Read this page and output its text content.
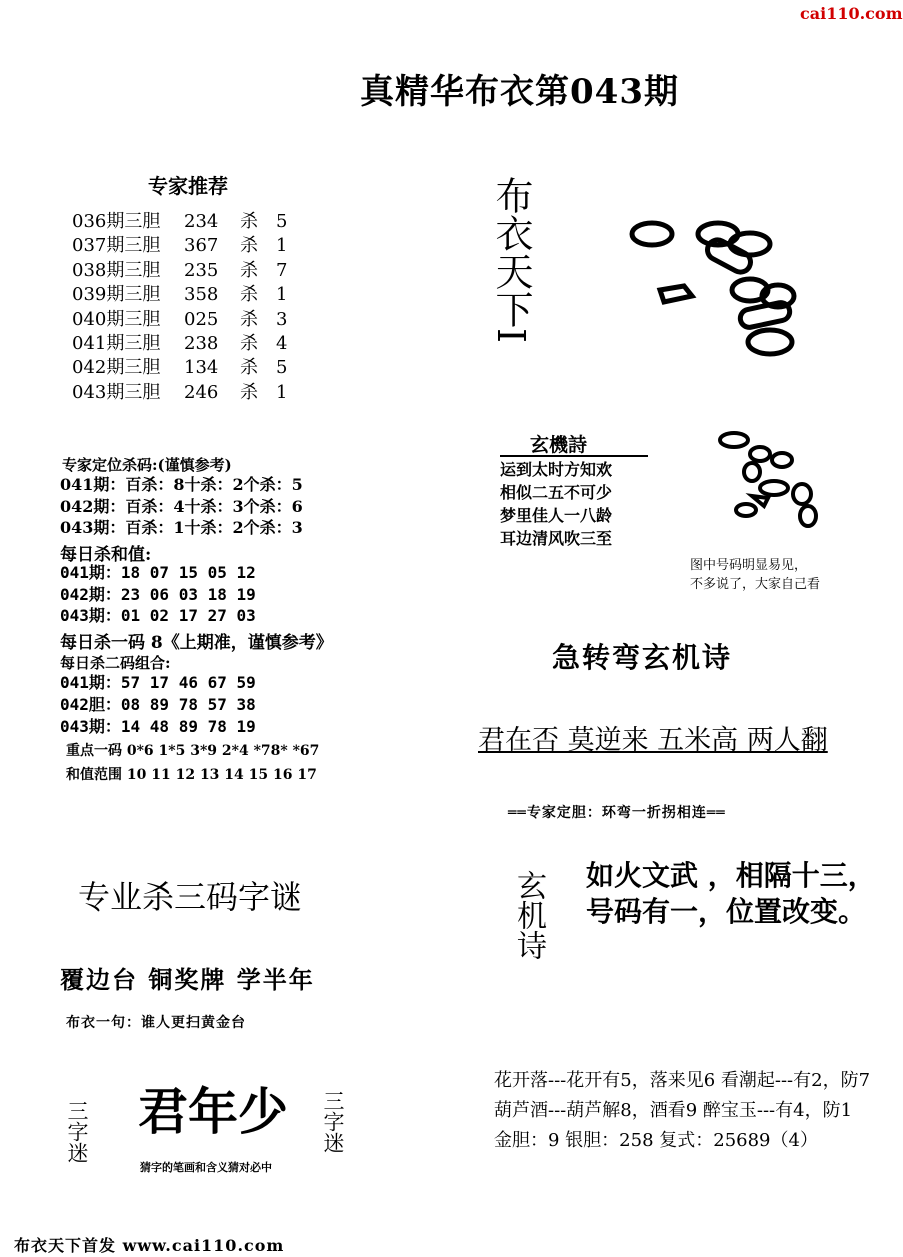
cai110.com
真精华布衣第043期
专家推荐
036期三胆 234 杀 5
037期三胆 367 杀 1
038期三胆 235 杀 7
039期三胆 358 杀 1
040期三胆 025 杀 3
041期三胆 238 杀 4
042期三胆 134 杀 5
043期三胆 246 杀 1
专家定位杀码:(谨慎参考)
041期：百杀：8十杀：2个杀：5
042期：百杀：4十杀：3个杀：6
043期：百杀：1十杀：2个杀：3
每日杀和值:
041期：18 07 15 05 12
042期：23 06 03 18 19
043期：01 02 17 27 03
每日杀一码 8《上期准，谨慎参考》
每日杀二码组合:
041期：57 17 46 67 59
042胆：08 89 78 57 38
043期：14 48 89 78 19
重点一码 0*6 1*5 3*9 2*4 *78* *67
和值范围 10 11 12 13 14 15 16 17
专业杀三码字谜
覆边台 铜奖牌 学半年
布衣一句：谁人更扫黄金台
三字迷 君年少 三字迷
猜字的笔画和含义猜对必中
布衣天下首发 www.cai110.com
布衣天下I
玄機詩
运到太时方知欢
相似二五不可少
梦里佳人一八龄
耳边清风吹三至
图中号码明显易见，
不多说了，大家自己看
急转弯玄机诗
君在否 莫逆来 五米高 两人翻
══专家定胆：环弯一折拐相连══
玄机诗 如火文武 ，相隔十三，
号码有一，位置改变。
花开落---花开有5，落来见6 看潮起---有2，防7
葫芦酒---葫芦解8，酒看9 醉宝玉---有4，防1
金胆：9 银胆：258 复式：25689（4）
